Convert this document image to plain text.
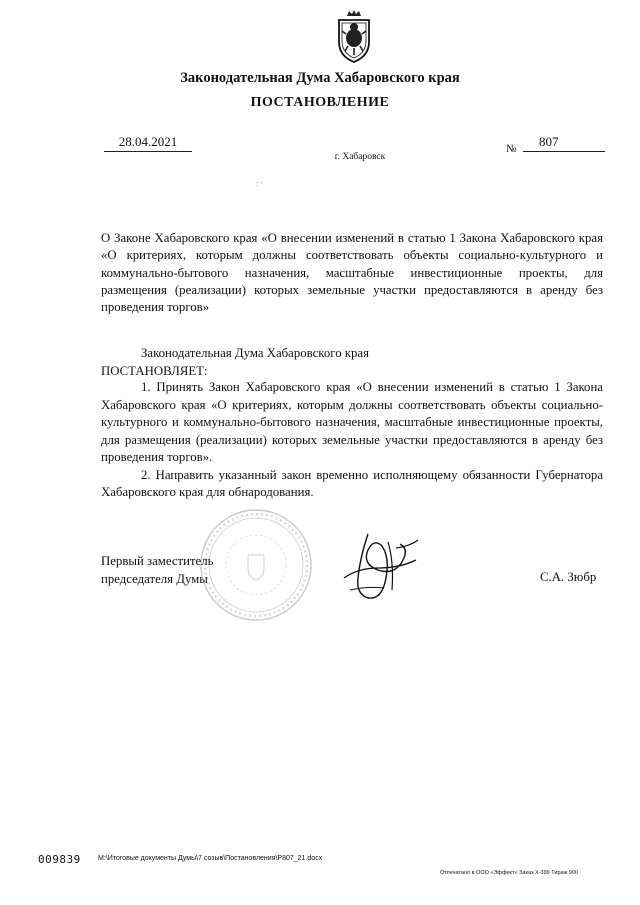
Законодательная Дума Хабаровского края
ПОСТАНОВЛЕНИЕ
28.04.2021	№	807
г. Хабаровск
: ·
О Законе Хабаровского края «О внесении изменений в статью 1 Закона Хабаровского края «О критериях, которым должны соответствовать объекты социально-культурного и коммунально-бытового назначения, масштабные инвестиционные проекты, для размещения (реализации) которых земельные участки предоставляются в аренду без проведения торгов»
Законодательная Дума Хабаровского края
ПОСТАНОВЛЯЕТ:

1. Принять Закон Хабаровского края «О внесении изменений в статью 1 Закона Хабаровского края «О критериях, которым должны соответствовать объекты социально-культурного и коммунально-бытового назначения, масштабные инвестиционные проекты, для размещения (реализации) которых земельные участки предоставляются в аренду без проведения торгов».

2. Направить указанный закон временно исполняющему обязанности Губернатора Хабаровского края для обнародования.

Первый заместитель
председателя Думы	С.А. Зюбр
009839 М:\Итоговые документы Думы\7 созыв\Постановления\P807_21.docx
Отпечатано в ООО «Эффект» Заказ Х-399 Тираж 900
